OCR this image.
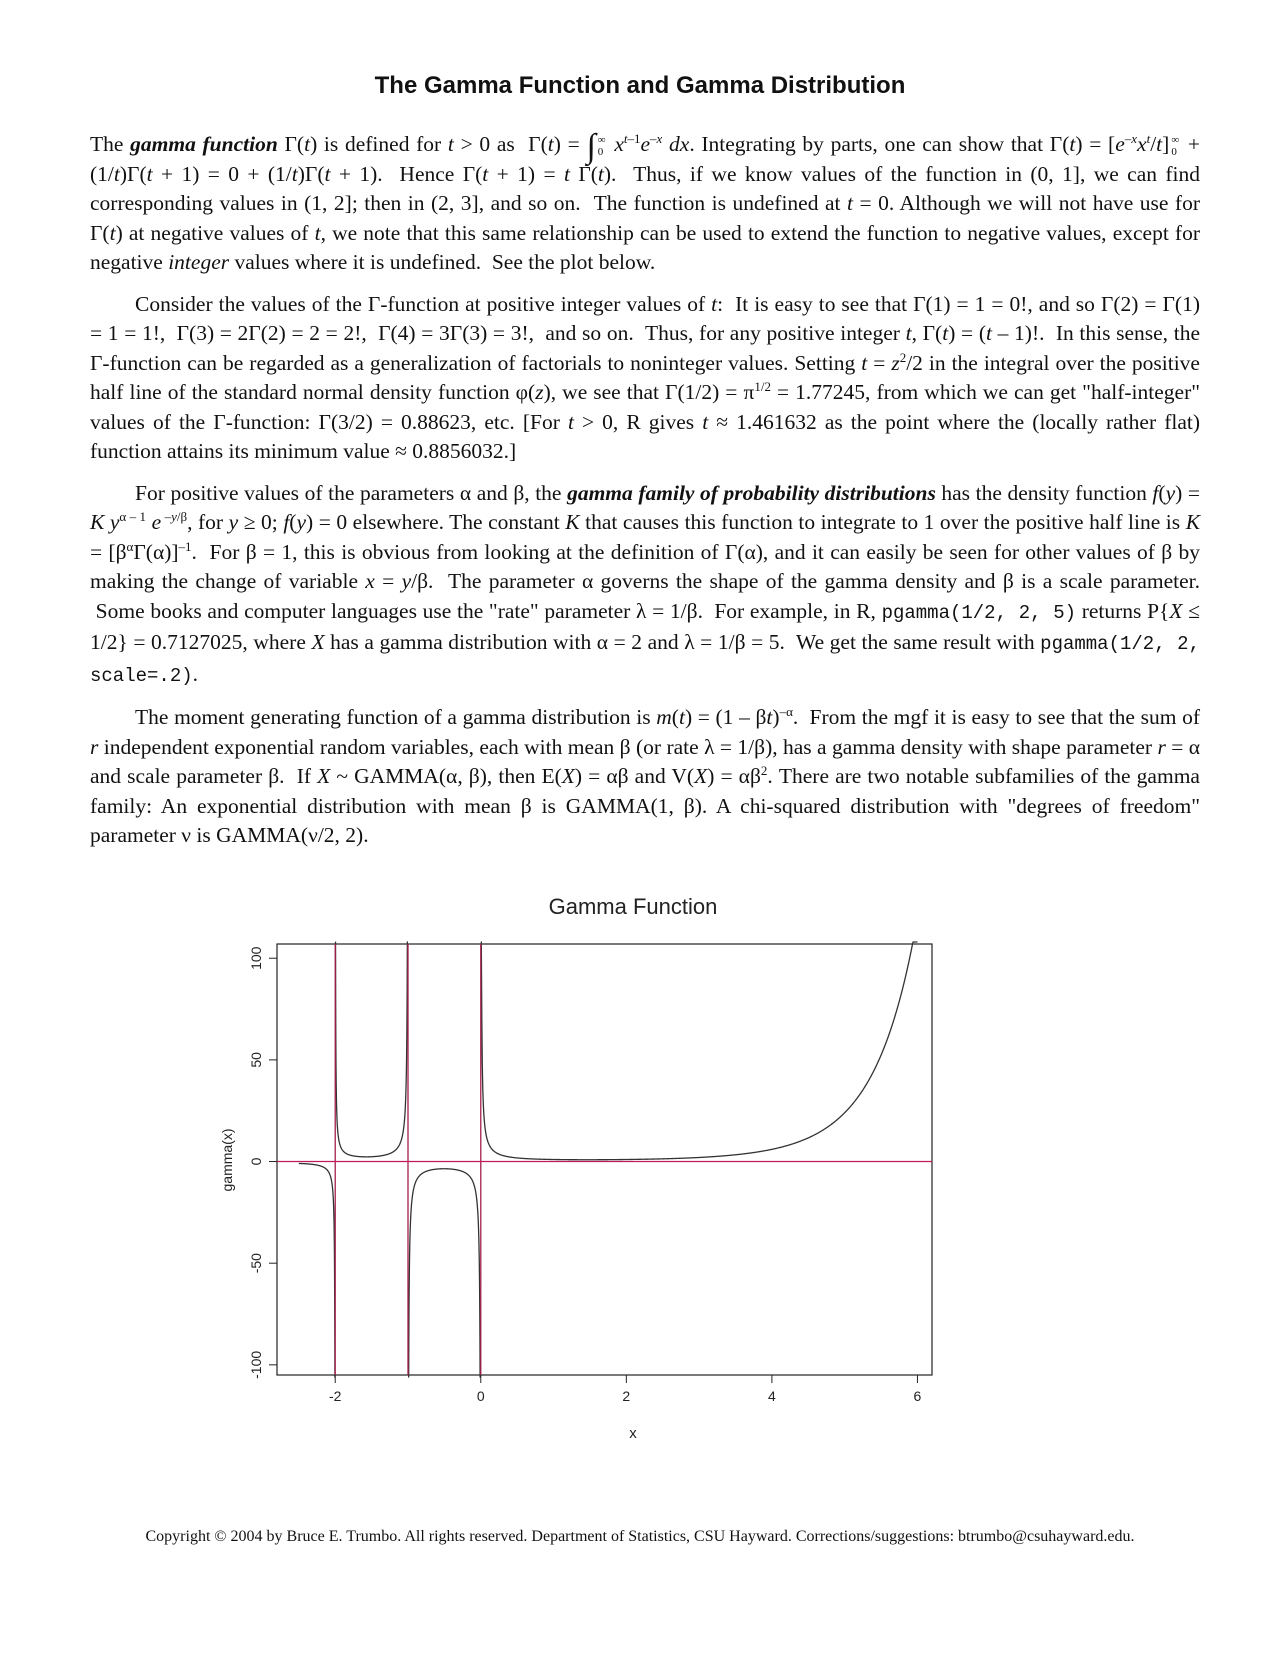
The Gamma Function and Gamma Distribution

The gamma function Γ(t) is defined for t > 0 as  Γ(t) = ∫ ∞
0 $x^{t-1}e^{-x}$ dx. Integrating by parts, one can show that $\Gamma(t) = [e^{-x}x^t/t]$ ∞
0 + (1/t)Γ(t + 1) = 0 + (1/t)Γ(t + 1).  Hence Γ(t + 1) = t Γ(t).  Thus, if we know values of the function in (0, 1], we can find corresponding values in (1, 2]; then in (2, 3], and so on.  The function is undefined at t = 0. Although we will not have use for Γ(t) at negative values of t, we note that this same relationship can be used to extend the function to negative values, except for negative integer values where it is undefined.  See the plot below.

Consider the values of the Γ-function at positive integer values of t:  It is easy to see that Γ(1) = 1 = 0!, and so Γ(2) = Γ(1) = 1 = 1!,  Γ(3) = 2Γ(2) = 2 = 2!,  Γ(4) = 3Γ(3) = 3!,  and so on.  Thus, for any positive integer t, Γ(t) = (t – 1)!.  In this sense, the Γ-function can be regarded as a generalization of factorials to noninteger values. Setting $t = z^2/2$ in the integral over the positive half line of the standard normal density function φ(z), we see that $\Gamma(1/2) = \pi^{1/2} = 1.77245$, from which we can get "half-integer" values of the Γ-function: Γ(3/2) = 0.88623, etc. [For t > 0, R gives t ≈ 1.461632 as the point where the (locally rather flat) function attains its minimum value ≈ 0.8856032.]

For positive values of the parameters α and β, the gamma family of probability distributions has the density function f(y) = K $y^{\alpha - 1}$ e $^{-y/\beta}$, for y ≥ 0; f(y) = 0 elsewhere. The constant K that causes this function to integrate to 1 over the positive half line is $K = [\beta^\alpha\Gamma(\alpha)]^{-1}$.  For β = 1, this is obvious from looking at the definition of Γ(α), and it can easily be seen for other values of β by making the change of variable x = y/β.  The parameter α governs the shape of the gamma density and β is a scale parameter.  Some books and computer languages use the "rate" parameter λ = 1/β.  For example, in R, pgamma(1/2, 2, 5) returns P{X ≤ 1/2} = 0.7127025, where X has a gamma distribution with α = 2 and λ = 1/β = 5.  We get the same result with pgamma(1/2, 2, scale=.2).

The moment generating function of a gamma distribution is m(t) = (1 – βt)$^{-\alpha}$.  From the mgf it is easy to see that the sum of r independent exponential random variables, each with mean β (or rate λ = 1/β), has a gamma density with shape parameter r = α and scale parameter β.  If X ~ GAMMA(α, β), then E(X) = αβ and $V(X) = \alpha\beta^2$. There are two notable subfamilies of the gamma family: An exponential distribution with mean β is GAMMA(1, β). A chi-squared distribution with "degrees of freedom" parameter ν is GAMMA(ν/2, 2).

Gamma Function
x
gamma(x)
-2	0	2	4	6
-100
-50
0
50
100
Copyright © 2004 by Bruce E. Trumbo. All rights reserved. Department of Statistics, CSU Hayward. Corrections/suggestions: btrumbo@csuhayward.edu.
